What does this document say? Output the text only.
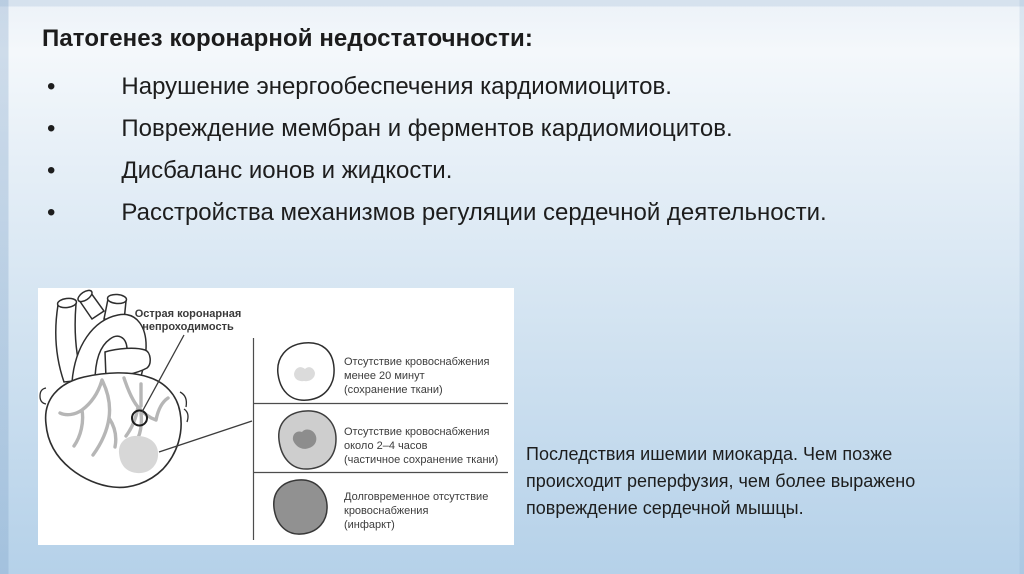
Патогенез коронарной недостаточности:
•	Нарушение энергообеспечения кардиомиоцитов.
•	Повреждение мембран и ферментов кардиомиоцитов.
•	Дисбаланс ионов и жидкости.
•	Расстройства механизмов регуляции сердечной деятельности.
Острая коронарная
непроходимость
Отсутствие кровоснабжения
менее 20 минут
(сохранение ткани)
Отсутствие кровоснабжения
около 2–4 часов
(частичное сохранение ткани)
Долговременное отсутствие
кровоснабжения
(инфаркт)
Последствия ишемии миокарда. Чем позже происходит реперфузия, чем более выражено повреждение сердечной мышцы.
